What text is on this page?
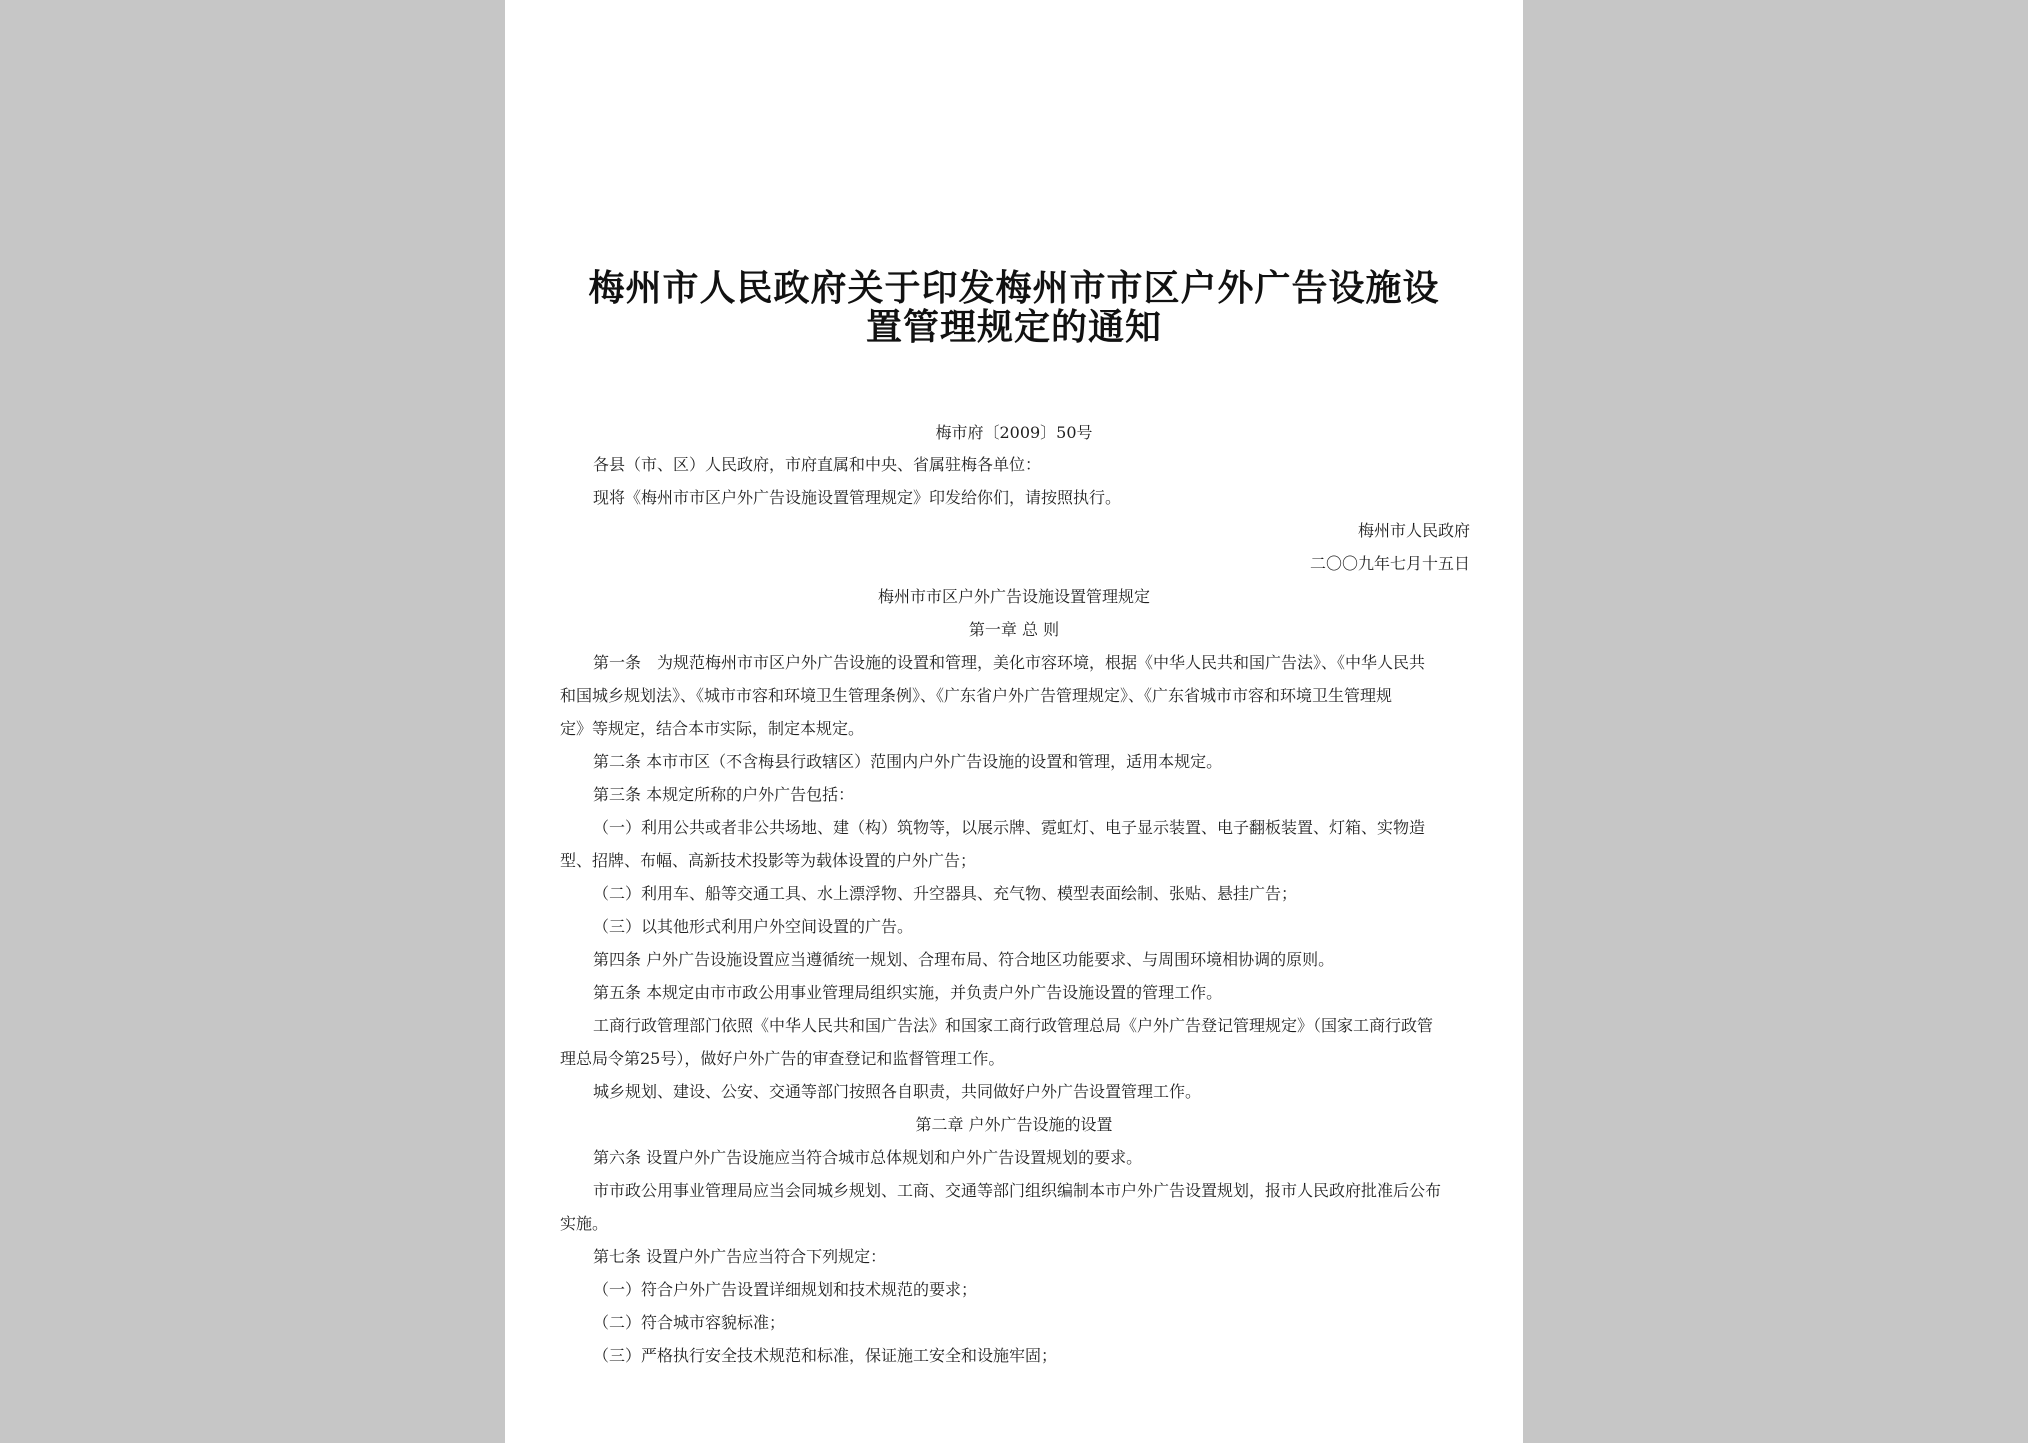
梅州市人民政府关于印发梅州市市区户外广告设施设
置管理规定的通知
梅市府〔2009〕50号
各县（市、区）人民政府，市府直属和中央、省属驻梅各单位：
现将《梅州市市区户外广告设施设置管理规定》印发给你们，请按照执行。
梅州市人民政府
二〇〇九年七月十五日
梅州市市区户外广告设施设置管理规定
第一章 总 则
第一条　为规范梅州市市区户外广告设施的设置和管理，美化市容环境，根据《中华人民共和国广告法》、《中华人民共
和国城乡规划法》、《城市市容和环境卫生管理条例》、《广东省户外广告管理规定》、《广东省城市市容和环境卫生管理规
定》等规定，结合本市实际，制定本规定。
第二条 本市市区（不含梅县行政辖区）范围内户外广告设施的设置和管理，适用本规定。
第三条 本规定所称的户外广告包括：
（一）利用公共或者非公共场地、建（构）筑物等，以展示牌、霓虹灯、电子显示装置、电子翻板装置、灯箱、实物造
型、招牌、布幅、高新技术投影等为载体设置的户外广告；
（二）利用车、船等交通工具、水上漂浮物、升空器具、充气物、模型表面绘制、张贴、悬挂广告；
（三）以其他形式利用户外空间设置的广告。
第四条 户外广告设施设置应当遵循统一规划、合理布局、符合地区功能要求、与周围环境相协调的原则。
第五条 本规定由市市政公用事业管理局组织实施，并负责户外广告设施设置的管理工作。
工商行政管理部门依照《中华人民共和国广告法》和国家工商行政管理总局《户外广告登记管理规定》（国家工商行政管
理总局令第25号），做好户外广告的审查登记和监督管理工作。
城乡规划、建设、公安、交通等部门按照各自职责，共同做好户外广告设置管理工作。
第二章 户外广告设施的设置
第六条 设置户外广告设施应当符合城市总体规划和户外广告设置规划的要求。
市市政公用事业管理局应当会同城乡规划、工商、交通等部门组织编制本市户外广告设置规划，报市人民政府批准后公布
实施。
第七条 设置户外广告应当符合下列规定：
（一）符合户外广告设置详细规划和技术规范的要求；
（二）符合城市容貌标准；
（三）严格执行安全技术规范和标准，保证施工安全和设施牢固；
